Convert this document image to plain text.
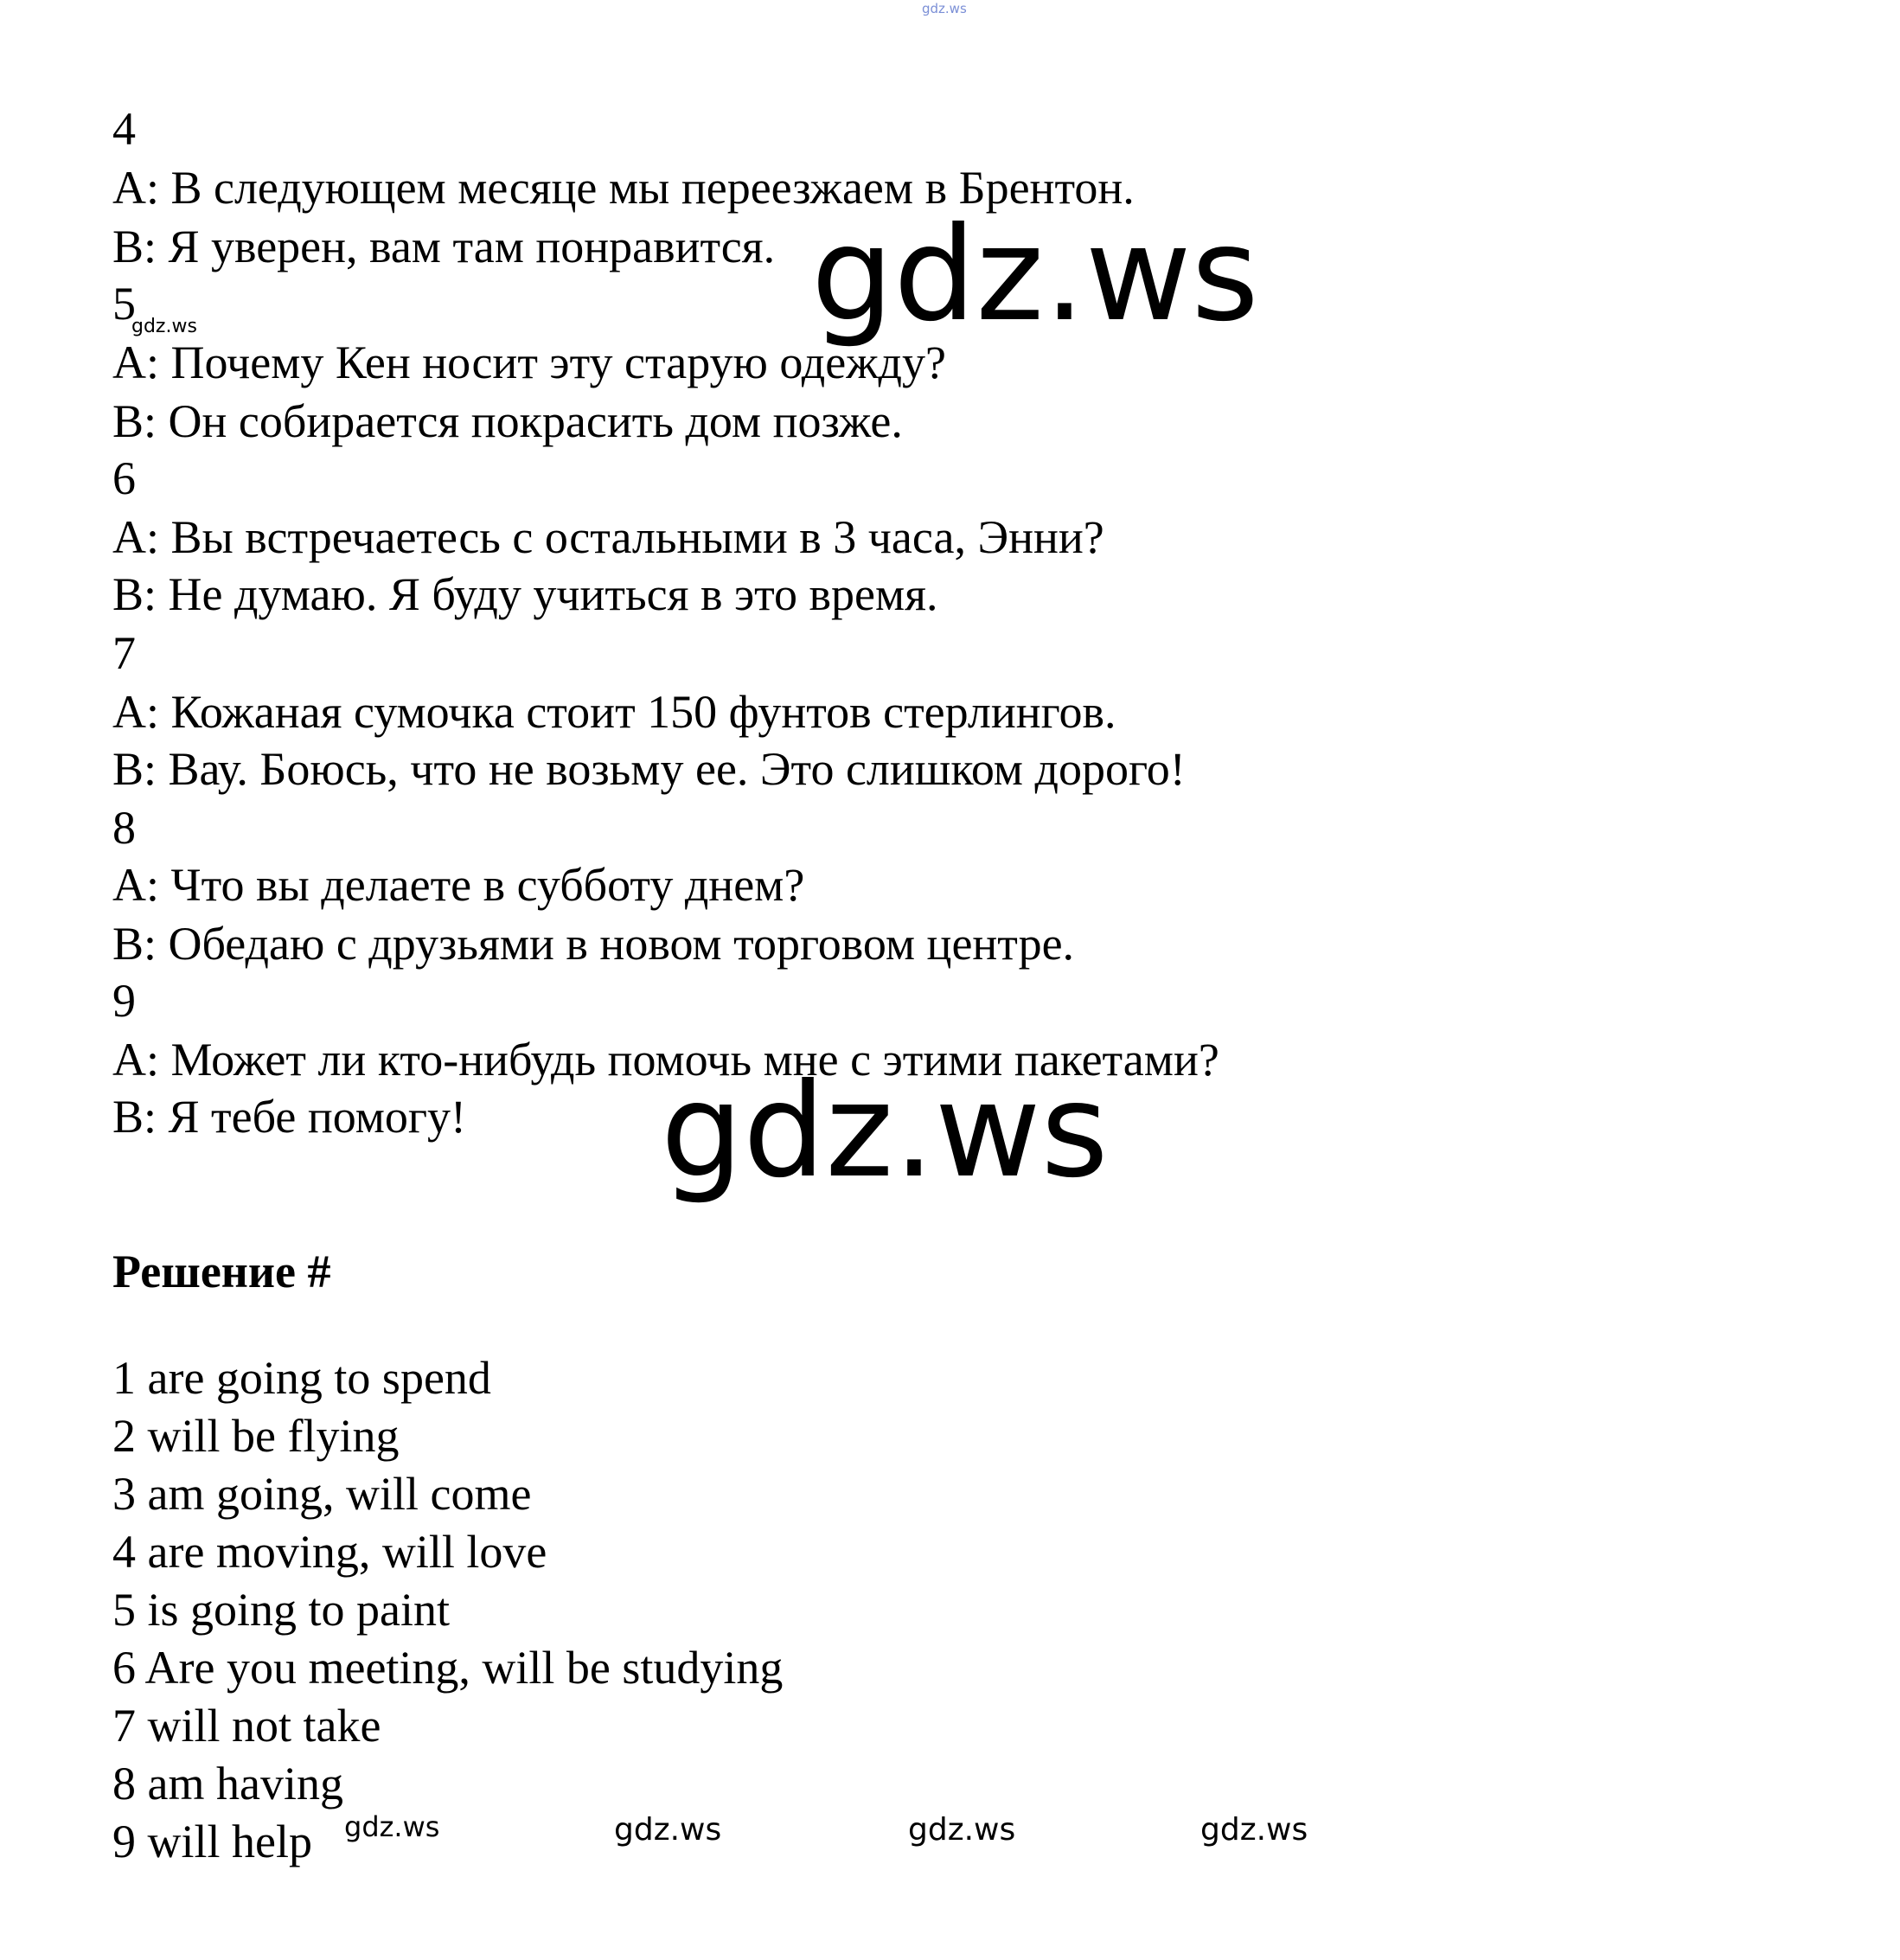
gdz.ws
4
A: В следующем месяце мы переезжаем в Брентон.
B: Я уверен, вам там понравится.
5
A: Почему Кен носит эту старую одежду?
B: Он собирается покрасить дом позже.
6
A: Вы встречаетесь с остальными в 3 часа, Энни?
B: Не думаю. Я буду учиться в это время.
7
A: Кожаная сумочка стоит 150 фунтов стерлингов.
B: Вау. Боюсь, что не возьму ее. Это слишком дорого!
8
A: Что вы делаете в субботу днем?
B: Обедаю с друзьями в новом торговом центре.
9
A: Может ли кто-нибудь помочь мне с этими пакетами?
B: Я тебе помогу!
Решение #
1 are going to spend
2 will be flying
3 am going, will come
4 are moving, will love
5 is going to paint
6 Are you meeting, will be studying
7 will not take
8 am having
9 will help
gdz.ws
gdz.ws
gdz.ws
gdz.ws	gdz.ws	gdz.ws	gdz.ws
